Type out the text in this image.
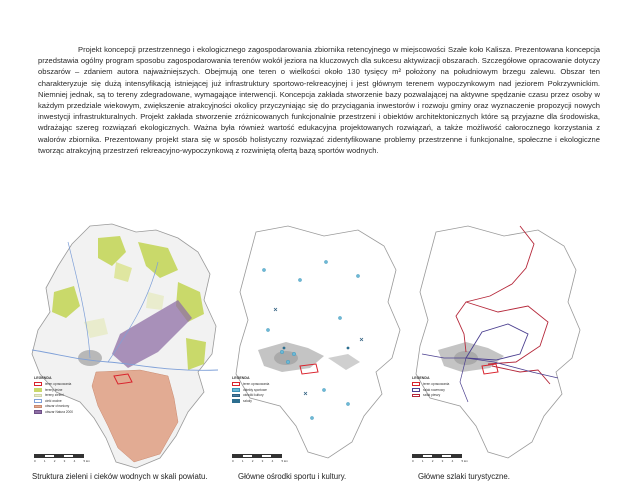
Projekt koncepcji przestrzennego i ekologicznego zagospodarowania zbiornika retencyjnego w miejscowości Szałe koło Kalisza. Prezentowana koncepcja przedstawia ogólny program sposobu zagospodarowania terenów wokół jeziora na kluczowych dla sukcesu aktywizacji obszarach. Szczegółowe opracowanie dotyczy obszarów – zdaniem autora najważniejszych. Obejmują one teren o wielkości około 130 tysięcy m² położony na południowym brzegu zalewu. Obszar ten charakteryzuje się dużą intensyfikacją istniejącej już infrastruktury sportowo-rekreacyjnej i jest głównym terenem wypoczynkowym nad jeziorem Pokrzywnickim. Niemniej jednak, są to tereny zdegradowane, wymagające interwencji. Koncepcja zakłada stworzenie bazy pozwalającej na aktywne spędzanie czasu przez osoby w każdym przedziale wiekowym, zwiększenie atrakcyjności okolicy przyczyniając się do przyciągania inwestorów i rozwoju gminy oraz wyznaczenie propozycji nowych inwestycji infrastrukturalnych. Projekt zakłada stworzenie zróżnicowanych funkcjonalnie przestrzeni i obiektów architektonicznych które są przyjazne dla środowiska, wdrażając szereg rozwiązań ekologicznych. Ważna była również wartość edukacyjna projektowanych rozwiązań, a także możliwość całorocznego korzystania z walorów zbiornika. Prezentowany projekt stara się w sposób holistyczny rozwiązać zidentyfikowane problemy przestrzenne i funkcjonalne, społeczne i ekologiczne tworząc atrakcyjną przestrzeń rekreacyjno-wypoczynkową z rozwiniętą ofertą bazą sportów wodnych.

LEGENDA
teren opracowania
tereny leśne
tereny zieleni
cieki wodne
obszar chroniony
obszar Natura 2000
0	1	2	3	4	5 km
Struktura zieleni i cieków wodnych w skali powiatu.
LEGENDA
teren opracowania
obiekty sportowe
ośrodki kultury
szkoły
0	1	2	3	4	5 km
Główne ośrodki sportu i kultury.
LEGENDA
teren opracowania
szlak rowerowy
szlak pieszy
0	1	2	3	4	5 km
Główne szlaki turystyczne.
